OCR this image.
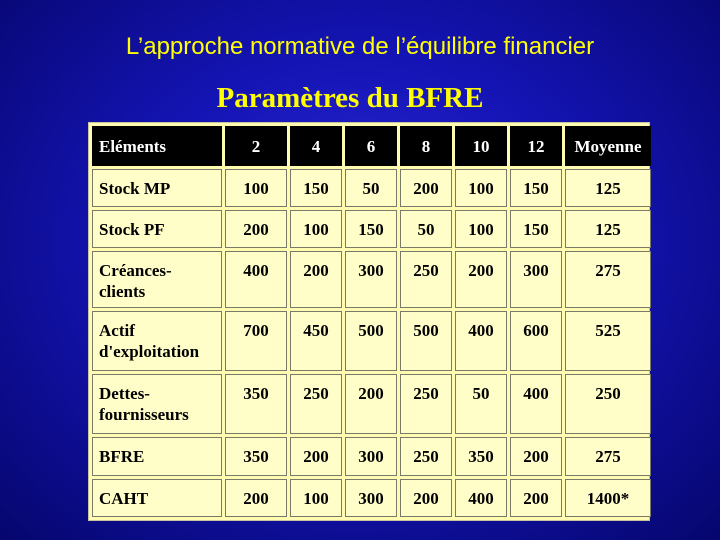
L’approche normative de l’équilibre financier
Paramètres du BFRE
Eléments	2	4	6	8	10	12	Moyenne
Stock MP	100	150	50	200	100	150	125
Stock PF	200	100	150	50	100	150	125
Créances-clients	400	200	300	250	200	300	275
Actif d'exploitation	700	450	500	500	400	600	525
Dettes-fournisseurs	350	250	200	250	50	400	250
BFRE	350	200	300	250	350	200	275
CAHT	200	100	300	200	400	200	1400*
